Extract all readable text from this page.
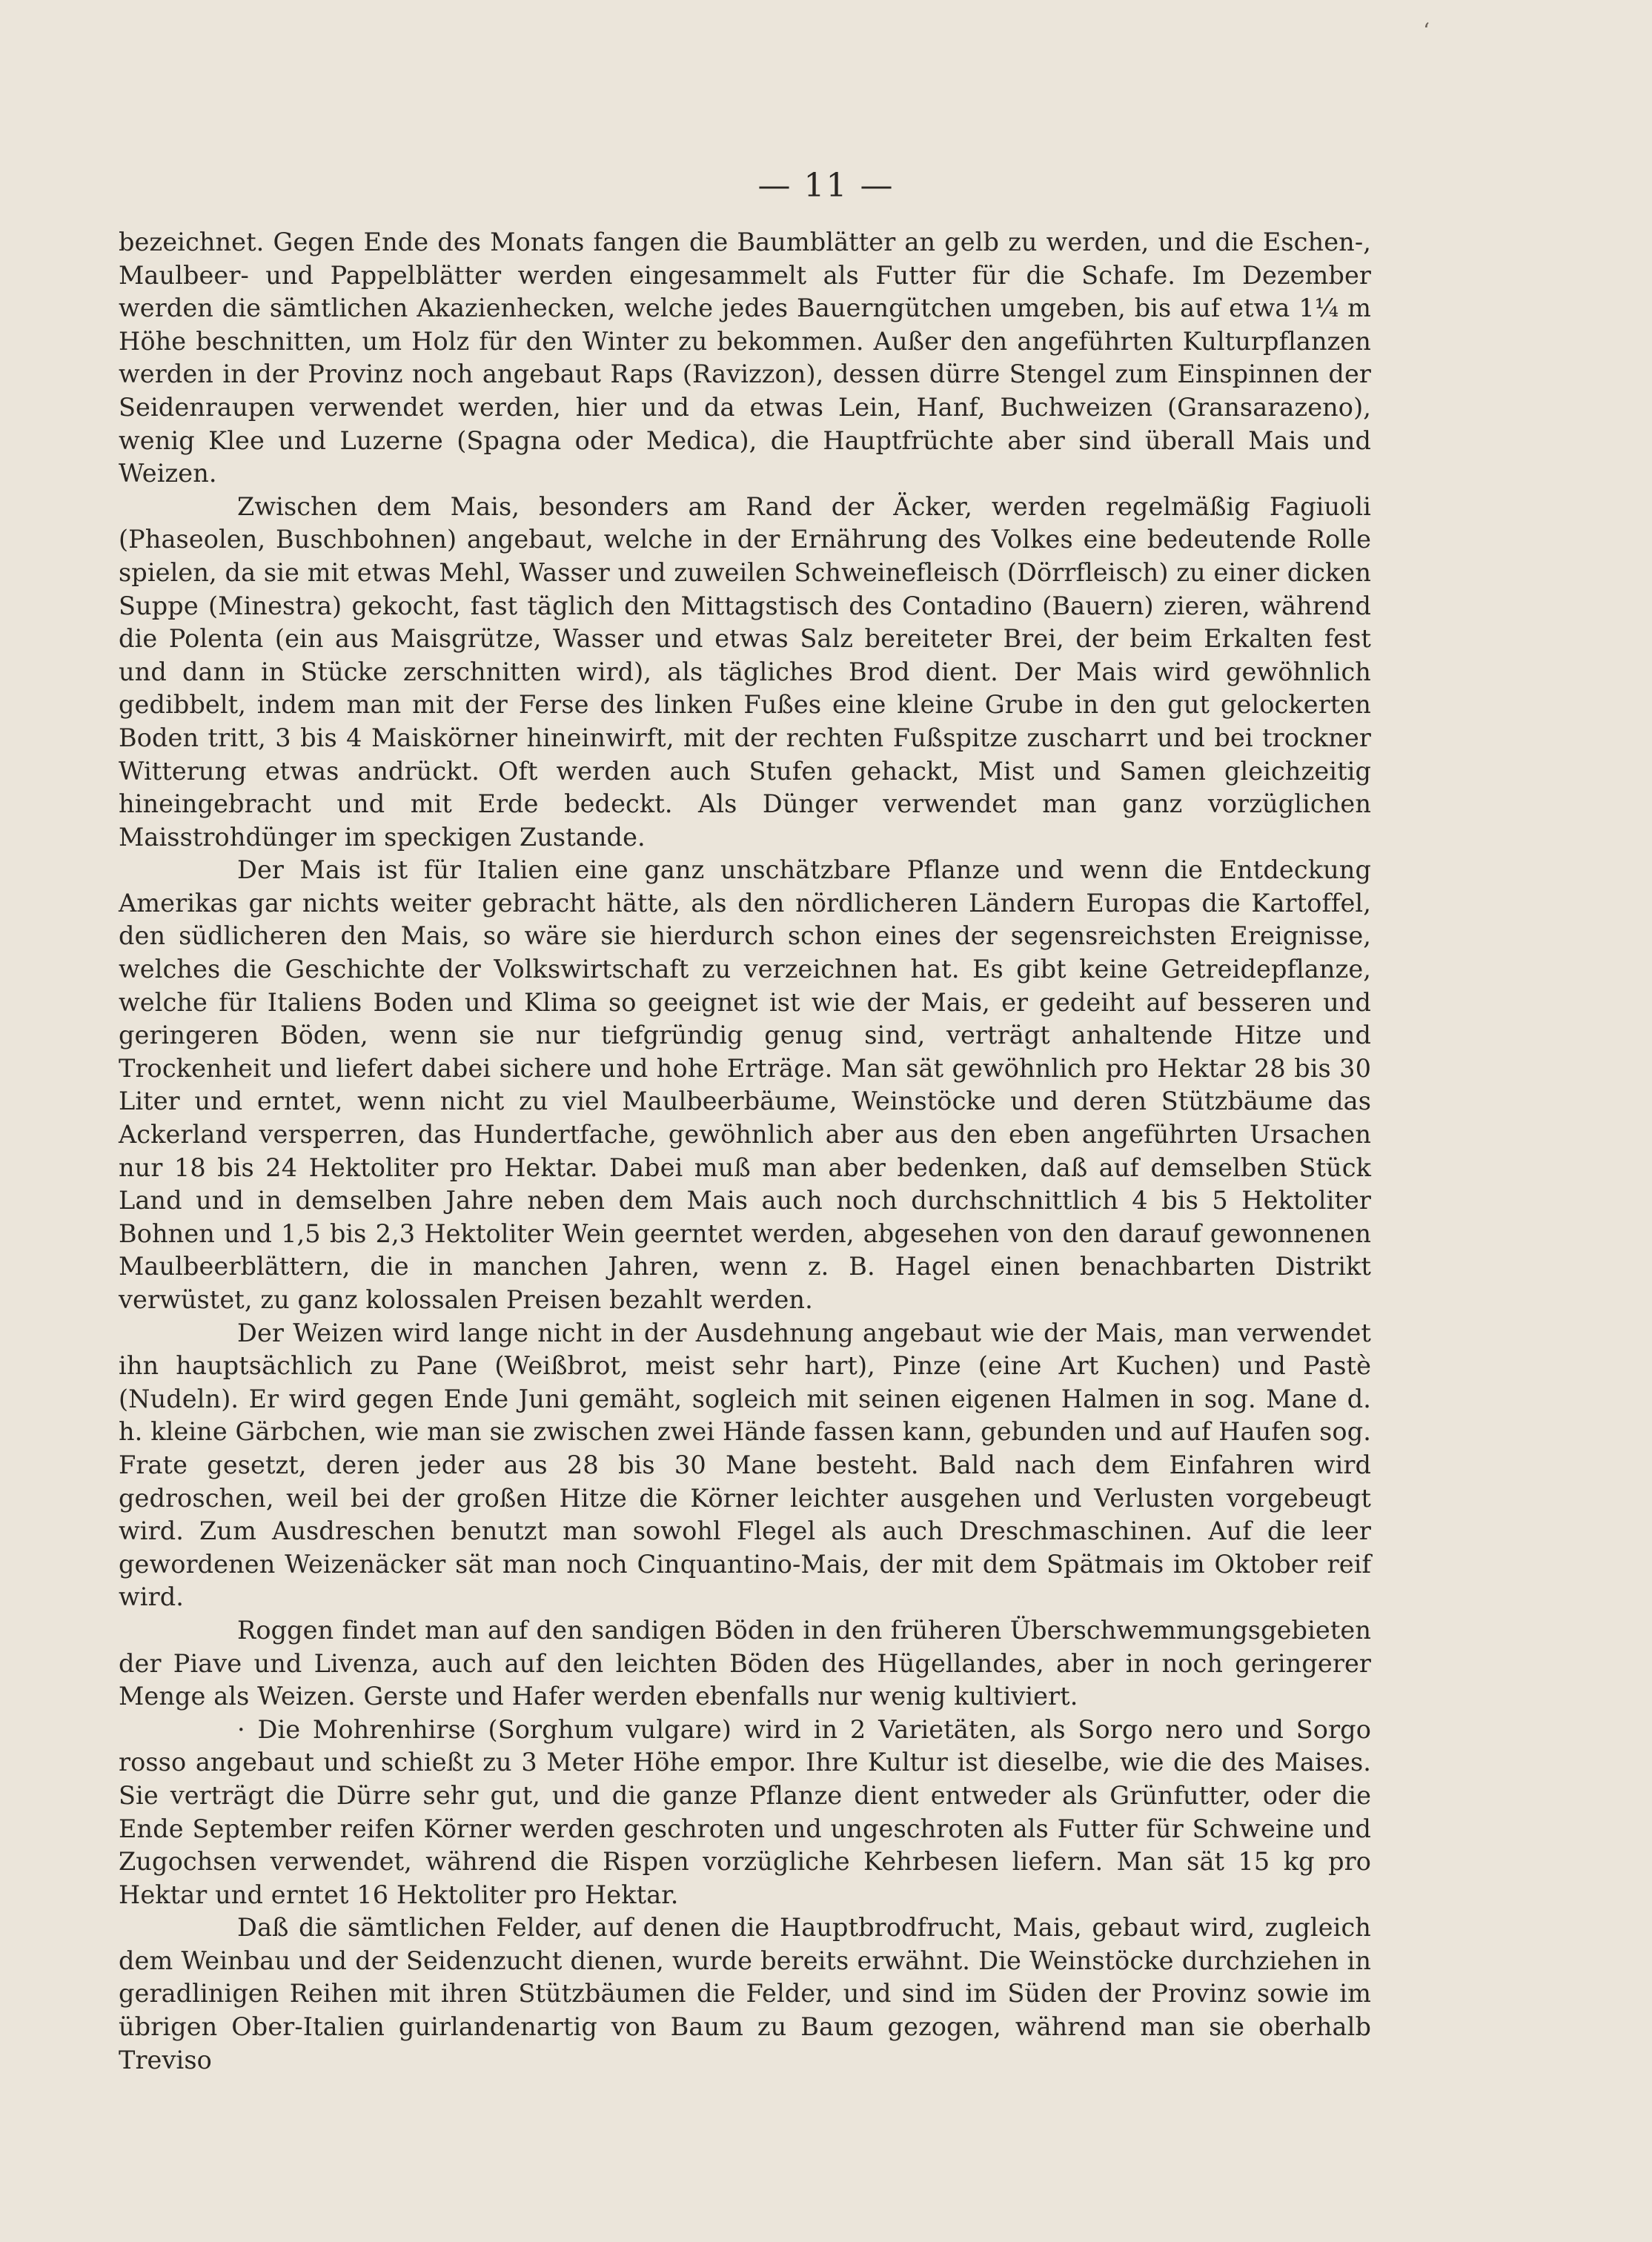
‘
— 11 —

bezeichnet. Gegen Ende des Monats fangen die Baumblätter an gelb zu werden, und die Eschen-, Maulbeer- und Pappelblätter werden eingesammelt als Futter für die Schafe. Im Dezember werden die sämtlichen Akazienhecken, welche jedes Bauerngütchen umgeben, bis auf etwa 1¼ m Höhe beschnitten, um Holz für den Winter zu bekommen. Außer den angeführten Kulturpflanzen werden in der Provinz noch angebaut Raps (Ravizzon), dessen dürre Stengel zum Einspinnen der Seidenraupen verwendet werden, hier und da etwas Lein, Hanf, Buchweizen (Gransarazeno), wenig Klee und Luzerne (Spagna oder Medica), die Hauptfrüchte aber sind überall Mais und Weizen.

Zwischen dem Mais, besonders am Rand der Äcker, werden regelmäßig Fagiuoli (Phaseolen, Buschbohnen) angebaut, welche in der Ernährung des Volkes eine bedeutende Rolle spielen, da sie mit etwas Mehl, Wasser und zuweilen Schweinefleisch (Dörrfleisch) zu einer dicken Suppe (Minestra) gekocht, fast täglich den Mittagstisch des Contadino (Bauern) zieren, während die Polenta (ein aus Maisgrütze, Wasser und etwas Salz bereiteter Brei, der beim Erkalten fest und dann in Stücke zerschnitten wird), als tägliches Brod dient. Der Mais wird gewöhnlich gedibbelt, indem man mit der Ferse des linken Fußes eine kleine Grube in den gut gelockerten Boden tritt, 3 bis 4 Maiskörner hineinwirft, mit der rechten Fußspitze zuscharrt und bei trockner Witterung etwas andrückt. Oft werden auch Stufen gehackt, Mist und Samen gleichzeitig hineingebracht und mit Erde bedeckt. Als Dünger verwendet man ganz vorzüglichen Maisstrohdünger im speckigen Zustande.

Der Mais ist für Italien eine ganz unschätzbare Pflanze und wenn die Entdeckung Amerikas gar nichts weiter gebracht hätte, als den nördlicheren Ländern Europas die Kartoffel, den südlicheren den Mais, so wäre sie hierdurch schon eines der segensreichsten Ereignisse, welches die Geschichte der Volkswirtschaft zu verzeichnen hat. Es gibt keine Getreidepflanze, welche für Italiens Boden und Klima so geeignet ist wie der Mais, er gedeiht auf besseren und geringeren Böden, wenn sie nur tiefgründig genug sind, verträgt anhaltende Hitze und Trockenheit und liefert dabei sichere und hohe Erträge. Man sät gewöhnlich pro Hektar 28 bis 30 Liter und erntet, wenn nicht zu viel Maulbeerbäume, Weinstöcke und deren Stützbäume das Ackerland versperren, das Hundertfache, gewöhnlich aber aus den eben angeführten Ursachen nur 18 bis 24 Hektoliter pro Hektar. Dabei muß man aber bedenken, daß auf demselben Stück Land und in demselben Jahre neben dem Mais auch noch durchschnittlich 4 bis 5 Hektoliter Bohnen und 1,5 bis 2,3 Hektoliter Wein geerntet werden, abgesehen von den darauf gewonnenen Maulbeerblättern, die in manchen Jahren, wenn z. B. Hagel einen benachbarten Distrikt verwüstet, zu ganz kolossalen Preisen bezahlt werden.

Der Weizen wird lange nicht in der Ausdehnung angebaut wie der Mais, man verwendet ihn hauptsächlich zu Pane (Weißbrot, meist sehr hart), Pinze (eine Art Kuchen) und Pastè (Nudeln). Er wird gegen Ende Juni gemäht, sogleich mit seinen eigenen Halmen in sog. Mane d. h. kleine Gärbchen, wie man sie zwischen zwei Hände fassen kann, gebunden und auf Haufen sog. Frate gesetzt, deren jeder aus 28 bis 30 Mane besteht. Bald nach dem Einfahren wird gedroschen, weil bei der großen Hitze die Körner leichter ausgehen und Verlusten vorgebeugt wird. Zum Ausdreschen benutzt man sowohl Flegel als auch Dreschmaschinen. Auf die leer gewordenen Weizenäcker sät man noch Cinquantino-Mais, der mit dem Spätmais im Oktober reif wird.

Roggen findet man auf den sandigen Böden in den früheren Überschwemmungsgebieten der Piave und Livenza, auch auf den leichten Böden des Hügellandes, aber in noch geringerer Menge als Weizen. Gerste und Hafer werden ebenfalls nur wenig kultiviert.

· Die Mohrenhirse (Sorghum vulgare) wird in 2 Varietäten, als Sorgo nero und Sorgo rosso angebaut und schießt zu 3 Meter Höhe empor. Ihre Kultur ist dieselbe, wie die des Maises. Sie verträgt die Dürre sehr gut, und die ganze Pflanze dient entweder als Grünfutter, oder die Ende September reifen Körner werden geschroten und ungeschroten als Futter für Schweine und Zugochsen verwendet, während die Rispen vorzügliche Kehrbesen liefern. Man sät 15 kg pro Hektar und erntet 16 Hektoliter pro Hektar.

Daß die sämtlichen Felder, auf denen die Hauptbrodfrucht, Mais, gebaut wird, zugleich dem Weinbau und der Seidenzucht dienen, wurde bereits erwähnt. Die Weinstöcke durchziehen in geradlinigen Reihen mit ihren Stützbäumen die Felder, und sind im Süden der Provinz sowie im übrigen Ober-Italien guirlandenartig von Baum zu Baum gezogen, während man sie oberhalb Treviso
